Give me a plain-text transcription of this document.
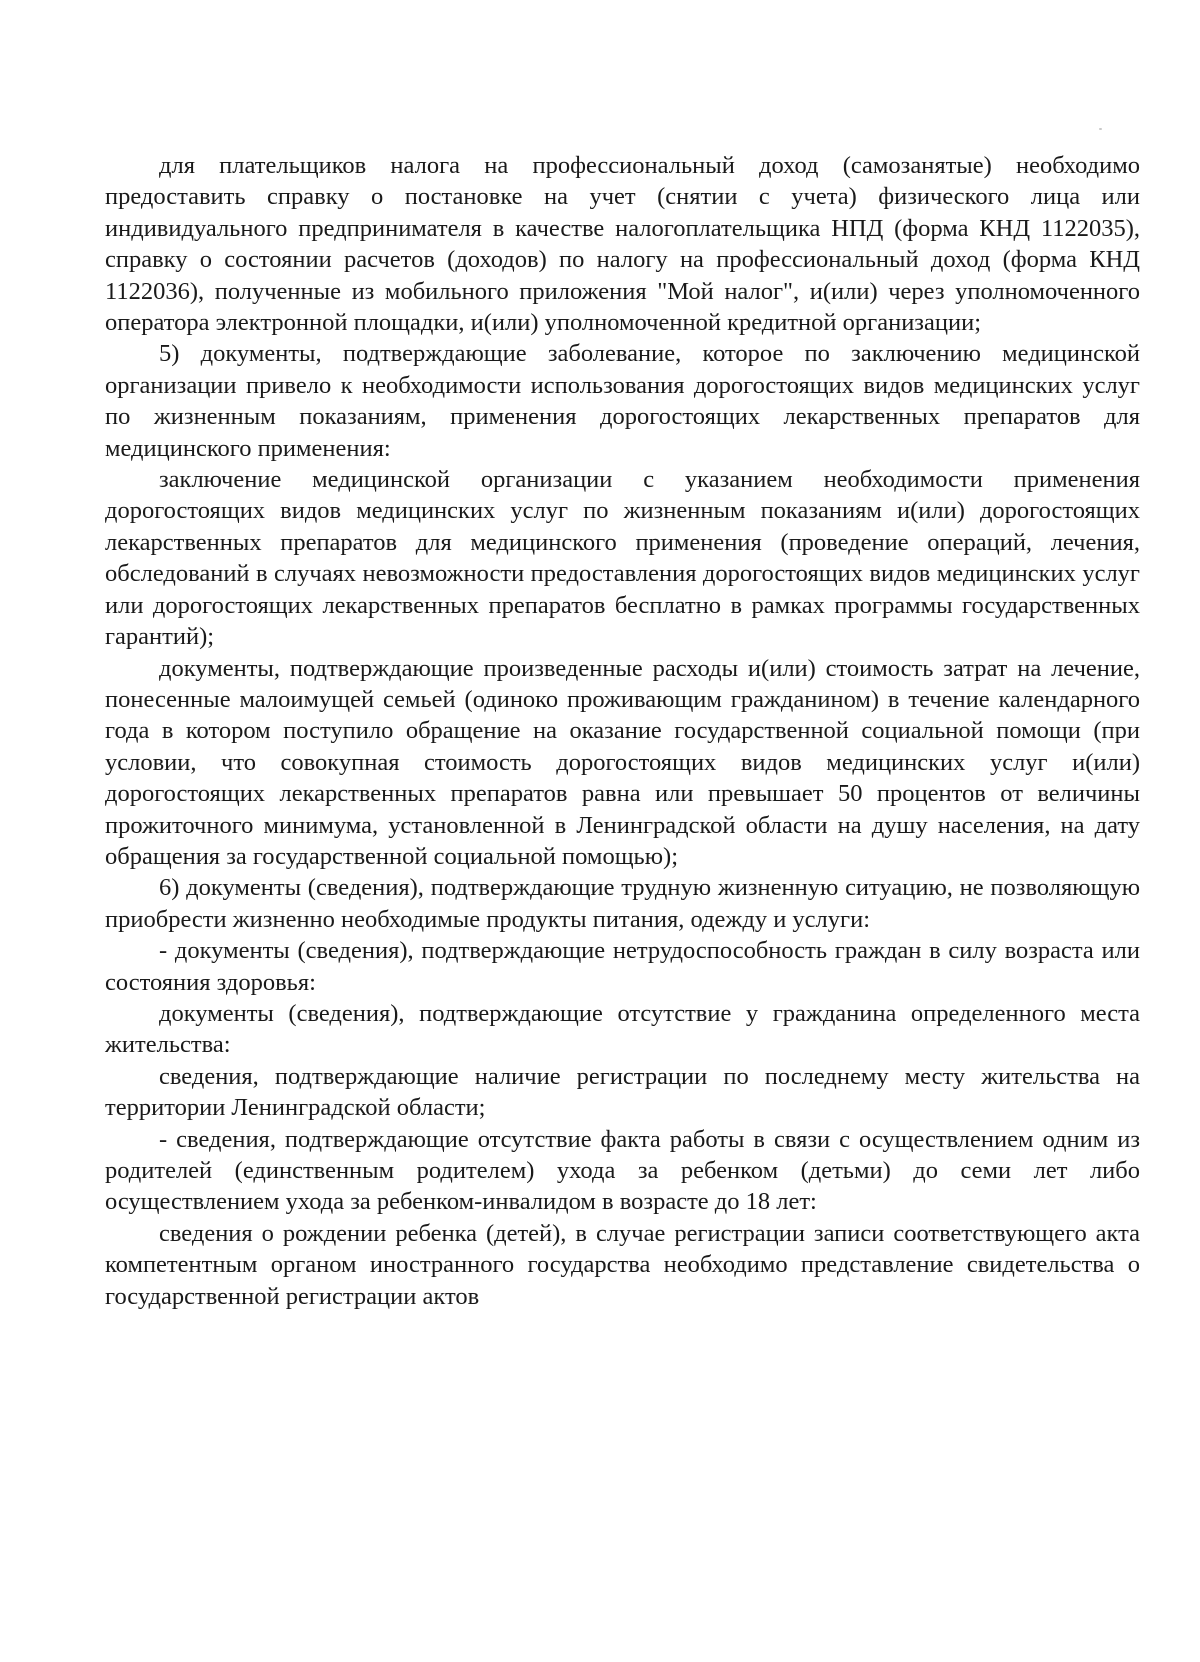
для плательщиков налога на профессиональный доход (самозанятые) необходимо предоставить справку о постановке на учет (снятии с учета) физического лица или индивидуального предпринимателя в качестве налогоплательщика НПД (форма КНД 1122035), справку о состоянии расчетов (доходов) по налогу на профессиональный доход (форма КНД 1122036), полученные из мобильного приложения "Мой налог", и(или) через уполномоченного оператора электронной площадки, и(или) уполномоченной кредитной организации;

5) документы, подтверждающие заболевание, которое по заключению медицинской организации привело к необходимости использования дорогостоящих видов медицинских услуг по жизненным показаниям, применения дорогостоящих лекарственных препаратов для медицинского применения:

заключение медицинской организации с указанием необходимости применения дорогостоящих видов медицинских услуг по жизненным показаниям и(или) дорогостоящих лекарственных препаратов для медицинского применения (проведение операций, лечения, обследований в случаях невозможности предоставления дорогостоящих видов медицинских услуг или дорогостоящих лекарственных препаратов бесплатно в рамках программы государственных гарантий);

документы, подтверждающие произведенные расходы и(или) стоимость затрат на лечение, понесенные малоимущей семьей (одиноко проживающим гражданином) в течение календарного года в котором поступило обращение на оказание государственной социальной помощи (при условии, что совокупная стоимость дорогостоящих видов медицинских услуг и(или) дорогостоящих лекарственных препаратов равна или превышает 50 процентов от величины прожиточного минимума, установленной в Ленинградской области на душу населения, на дату обращения за государственной социальной помощью);

6) документы (сведения), подтверждающие трудную жизненную ситуацию, не позволяющую приобрести жизненно необходимые продукты питания, одежду и услуги:

- документы (сведения), подтверждающие нетрудоспособность граждан в силу возраста или состояния здоровья:

документы (сведения), подтверждающие отсутствие у гражданина определенного места жительства:

сведения, подтверждающие наличие регистрации по последнему месту жительства на территории Ленинградской области;

- сведения, подтверждающие отсутствие факта работы в связи с осуществлением одним из родителей (единственным родителем) ухода за ребенком (детьми) до семи лет либо осуществлением ухода за ребенком-инвалидом в возрасте до 18 лет:

сведения о рождении ребенка (детей), в случае регистрации записи соответствующего акта компетентным органом иностранного государства необходимо представление свидетельства о государственной регистрации актов
